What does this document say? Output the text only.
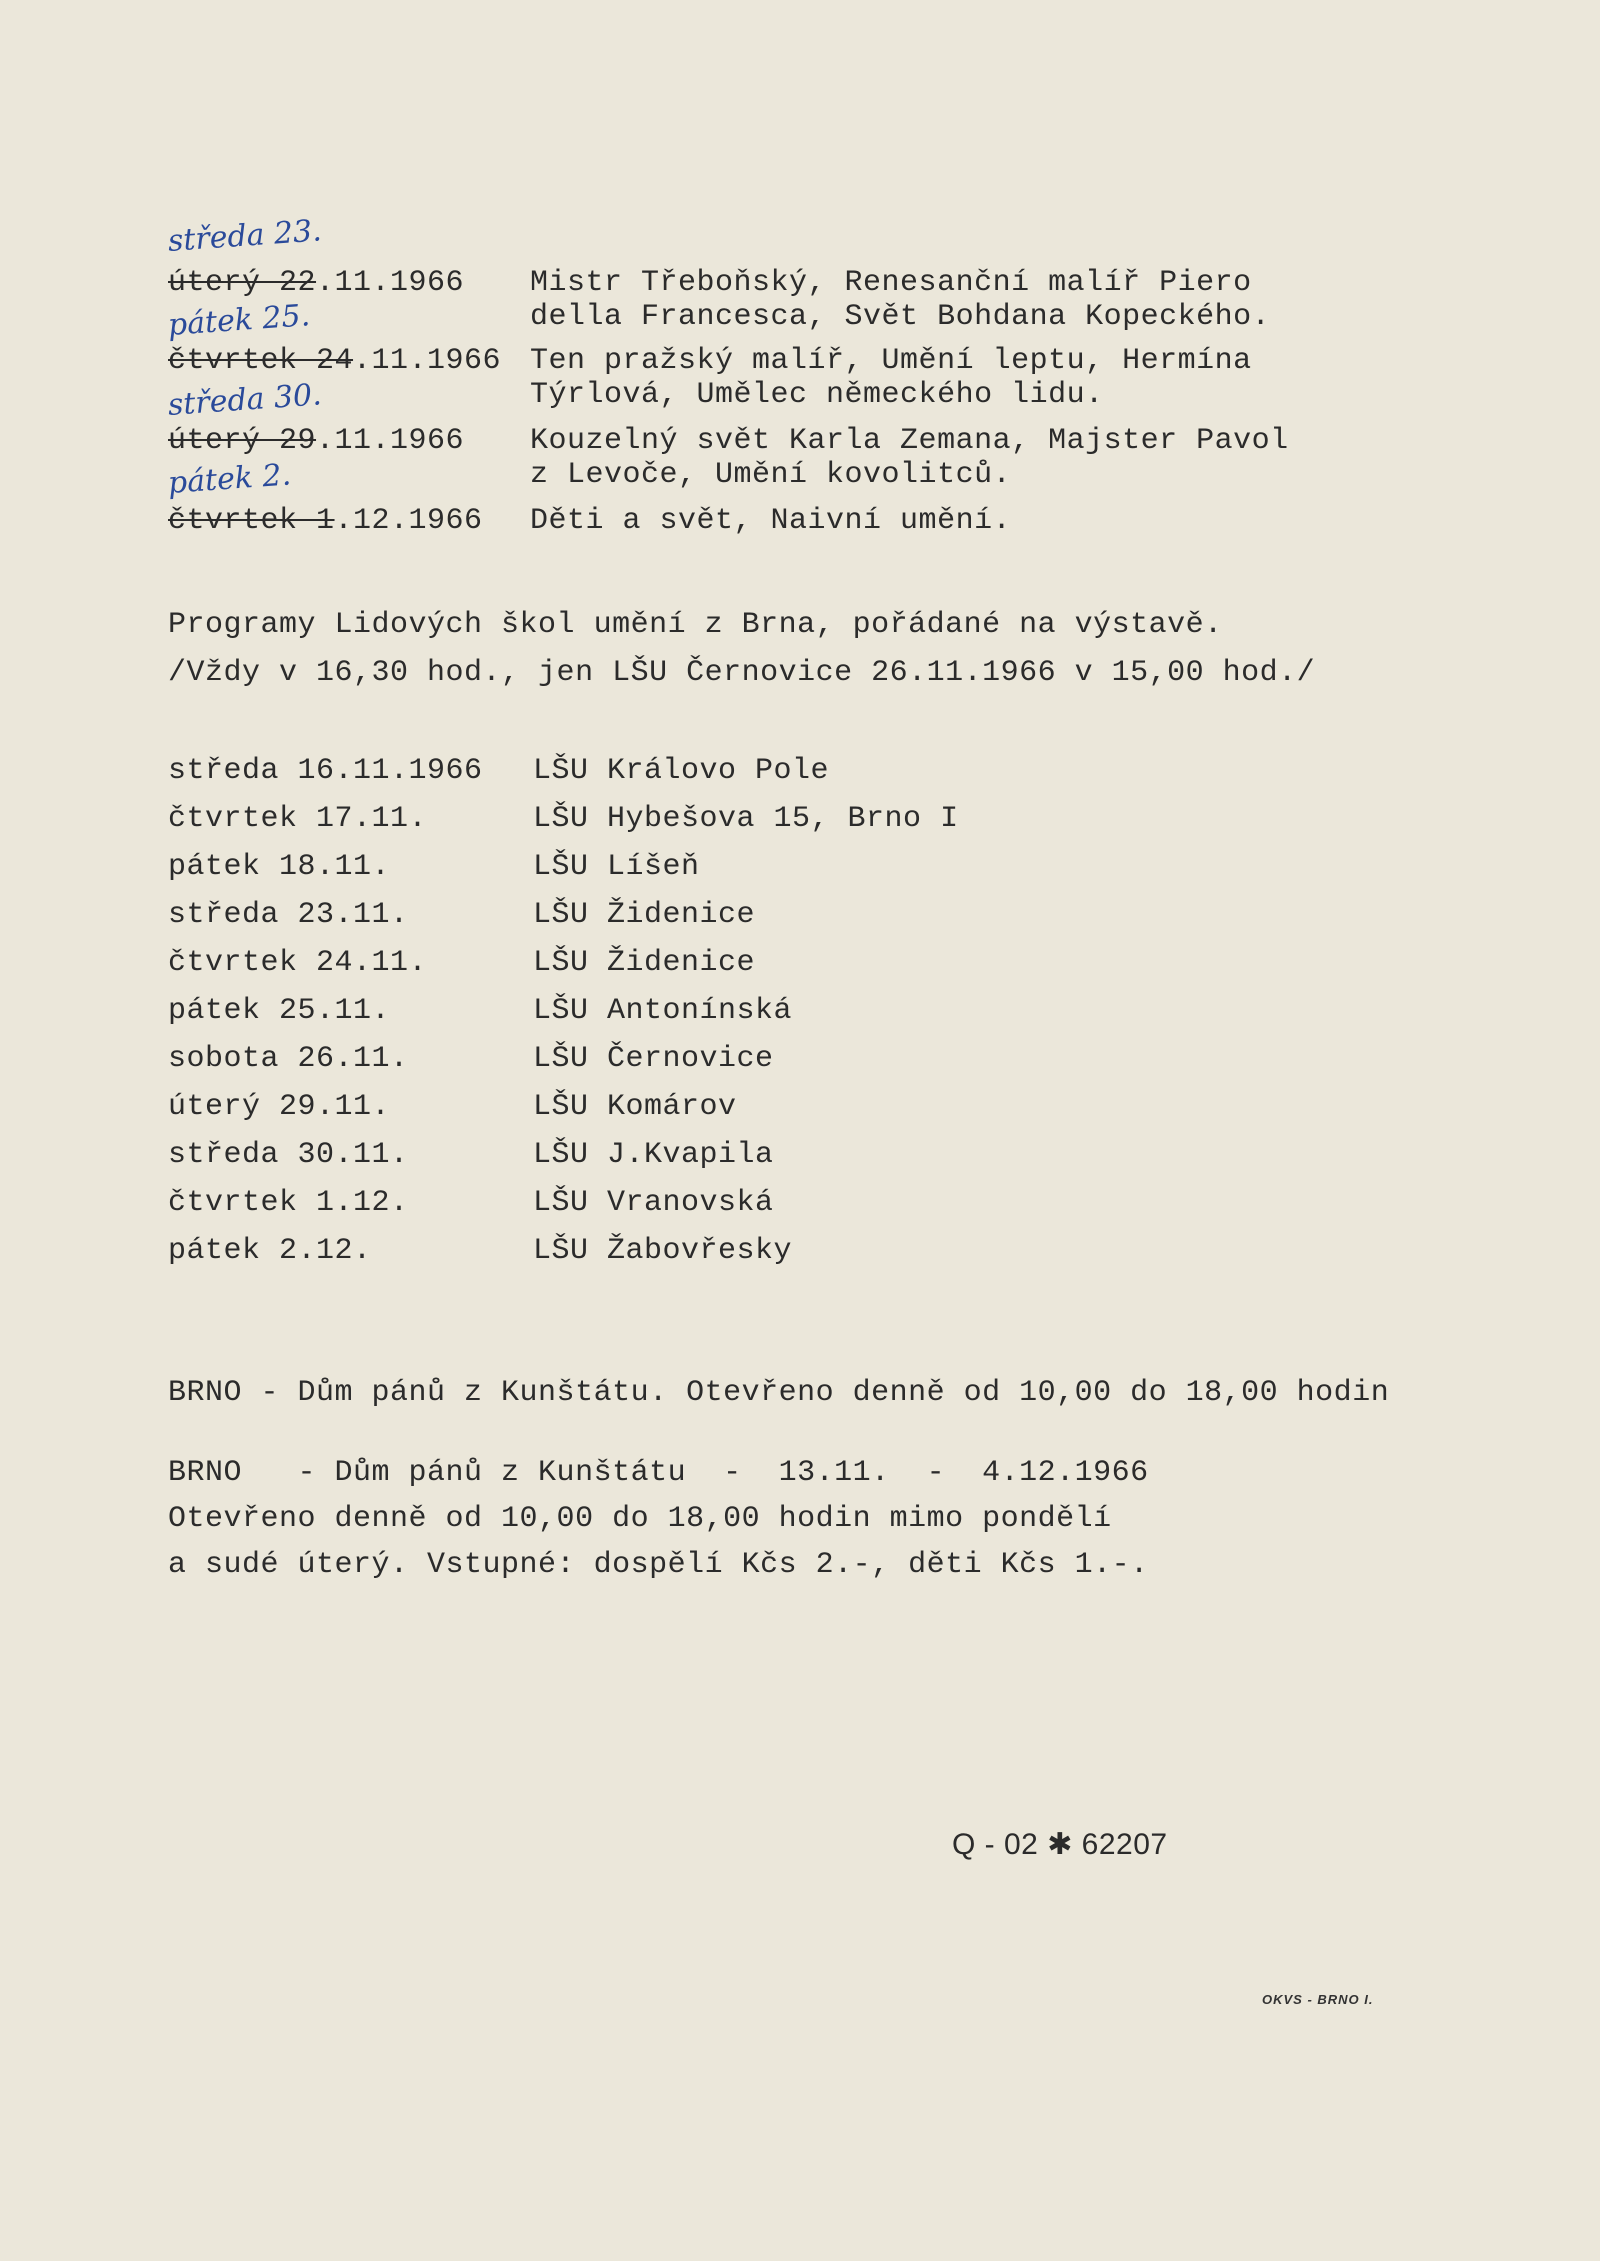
středa 23.
úterý 22.11.1966 Mistr Třeboňský, Renesanční malíř Piero
della Francesca, Svět Bohdana Kopeckého.
pátek 25.
čtvrtek 24.11.1966 Ten pražský malíř, Umění leptu, Hermína
Týrlová, Umělec německého lidu.
středa 30.
úterý 29.11.1966 Kouzelný svět Karla Zemana, Majster Pavol
z Levoče, Umění kovolitců.
pátek 2.
čtvrtek 1.12.1966 Děti a svět, Naivní umění.
Programy Lidových škol umění z Brna, pořádané na výstavě.
/Vždy v 16,30 hod., jen LŠU Černovice 26.11.1966 v 15,00 hod./
středa 16.11.1966 LŠU Královo Pole
čtvrtek 17.11.	LŠU Hybešova 15, Brno I
pátek 18.11.	LŠU Líšeň
středa 23.11.	LŠU Židenice
čtvrtek 24.11.	LŠU Židenice
pátek 25.11.	LŠU Antonínská
sobota 26.11.	LŠU Černovice
úterý 29.11.	LŠU Komárov
středa 30.11.	LŠU J.Kvapila
čtvrtek 1.12.	LŠU Vranovská
pátek 2.12.	LŠU Žabovřesky
BRNO - Dům pánů z Kunštátu. Otevřeno denně od 10,00 do 18,00 hodin
BRNO   - Dům pánů z Kunštátu  -  13.11.  -  4.12.1966
Otevřeno denně od 10,00 do 18,00 hodin mimo pondělí
a sudé úterý. Vstupné: dospělí Kčs 2.-, děti Kčs 1.-.
Q - 02 ✱ 62207
OKVS - BRNO I.
